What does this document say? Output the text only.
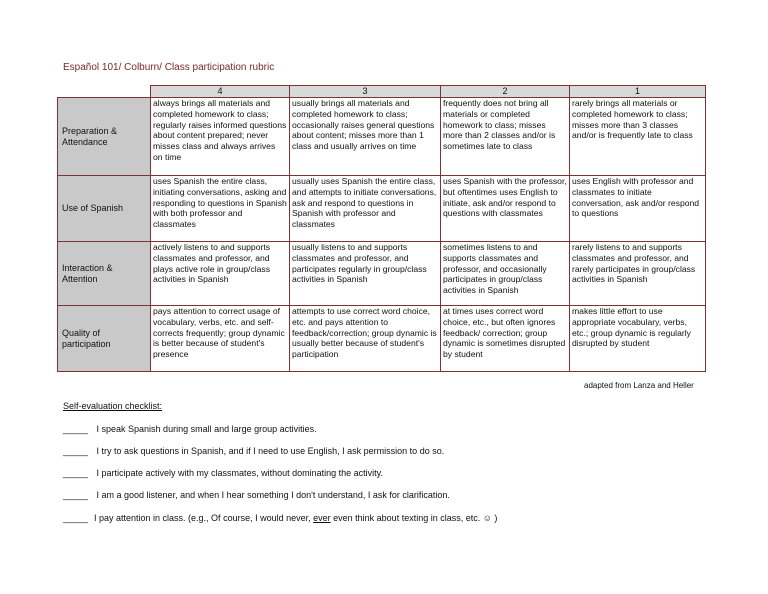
Español 101/ Colburn/ Class participation rubric
	4	3	2	1
Preparation & Attendance	always brings all materials and completed homework to class; regularly raises informed questions about content prepared; never misses class and always arrives on time	usually brings all materials and completed homework to class; occasionally raises general questions about content; misses more than 1 class and usually arrives on time	frequently does not bring all materials or completed homework to class; misses more than 2 classes and/or is sometimes late to class	rarely brings all materials or completed homework to class; misses more than 3 classes and/or is frequently late to class
Use of Spanish	uses Spanish the entire class, initiating conversations, asking and responding to questions in Spanish with both professor and classmates	usually uses Spanish the entire class, and attempts to initiate conversations, ask and respond to questions in Spanish with professor and classmates	uses Spanish with the professor, but oftentimes uses English to initiate, ask and/or respond to questions with classmates	uses English with professor and classmates to initiate conversation, ask and/or respond to questions
Interaction & Attention	actively listens to and supports classmates and professor, and plays active role in group/class activities in Spanish	usually listens to and supports classmates and professor, and participates regularly in group/class activities in Spanish	sometimes listens to and supports classmates and professor, and occasionally participates in group/class activities in Spanish	rarely listens to and supports classmates and professor, and rarely participates in group/class activities in Spanish
Quality of participation	pays attention to correct usage of vocabulary, verbs, etc. and self-corrects frequently; group dynamic is better because of student's presence	attempts to use correct word choice, etc. and pays attention to feedback/correction; group dynamic is usually better because of student's participation	at times uses correct word choice, etc., but often ignores feedback/ correction; group dynamic is sometimes disrupted by student	makes little effort to use appropriate vocabulary, verbs, etc.; group dynamic is regularly disrupted by student
adapted from Lanza and Heller
Self-evaluation checklist:
_____ I speak Spanish during small and large group activities.
_____ I try to ask questions in Spanish, and if I need to use English, I ask permission to do so.
_____ I participate actively with my classmates, without dominating the activity.
_____ I am a good listener, and when I hear something I don't understand, I ask for clarification.
_____ I pay attention in class. (e.g., Of course, I would never, ever even think about texting in class, etc. ☺ )
